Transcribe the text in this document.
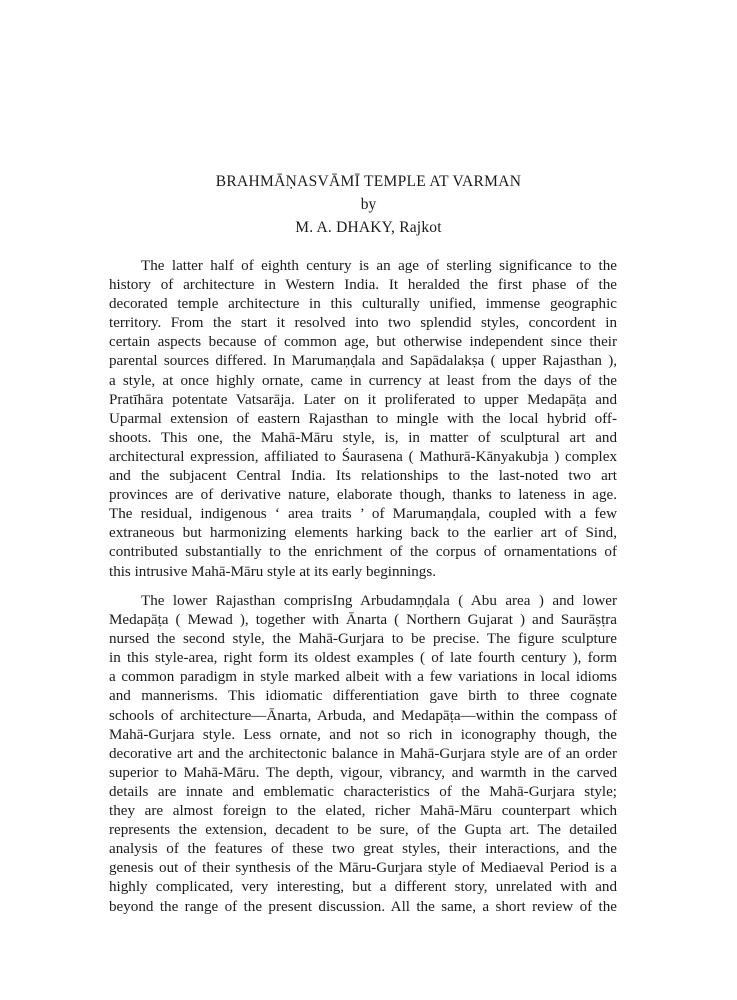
BRAHMĀṆASVĀMĪ TEMPLE AT VARMAN
by
M. A. DHAKY, Rajkot

The latter half of eighth century is an age of sterling significance to the
history of architecture in Western India. It heralded the first phase of the
decorated temple architecture in this culturally unified, immense geographic
territory. From the start it resolved into two splendid styles, concordent in
certain aspects because of common age, but otherwise independent since their
parental sources differed. In Marumaṇḍala and Sapādalakṣa ( upper Rajasthan ),
a style, at once highly ornate, came in currency at least from the days of the
Pratīhāra potentate Vatsarāja. Later on it proliferated to upper Medapāṭa and
Uparmal extension of eastern Rajasthan to mingle with the local hybrid off-
shoots. This one, the Mahā-Māru style, is, in matter of sculptural art and
architectural expression, affiliated to Śaurasena ( Mathurā-Kānyakubja ) complex
and the subjacent Central India. Its relationships to the last-noted two art
provinces are of derivative nature, elaborate though, thanks to lateness in age.
The residual, indigenous ‘ area traits ’ of Marumaṇḍala, coupled with a few
extraneous but harmonizing elements harking back to the earlier art of Sind,
contributed substantially to the enrichment of the corpus of ornamentations of
this intrusive Mahā-Māru style at its early beginnings.

The lower Rajasthan comprisIng Arbudamṇḍala ( Abu area ) and lower
Medapāṭa ( Mewad ), together with Ānarta ( Northern Gujarat ) and Saurāṣṭra
nursed the second style, the Mahā-Gurjara to be precise. The figure sculpture
in this style-area, right form its oldest examples ( of late fourth century ), form
a common paradigm in style marked albeit with a few variations in local idioms
and mannerisms. This idiomatic differentiation gave birth to three cognate
schools of architecture—Ānarta, Arbuda, and Medapāṭa—within the compass of
Mahā-Gurjara style. Less ornate, and not so rich in iconography though, the
decorative art and the architectonic balance in Mahā-Gurjara style are of an order
superior to Mahā-Māru. The depth, vigour, vibrancy, and warmth in the carved
details are innate and emblematic characteristics of the Mahā-Gurjara style;
they are almost foreign to the elated, richer Mahā-Māru counterpart which
represents the extension, decadent to be sure, of the Gupta art. The detailed
analysis of the features of these two great styles, their interactions, and the
genesis out of their synthesis of the Māru-Gurjara style of Mediaeval Period is a
highly complicated, very interesting, but a different story, unrelated with and
beyond the range of the present discussion. All the same, a short review of the
